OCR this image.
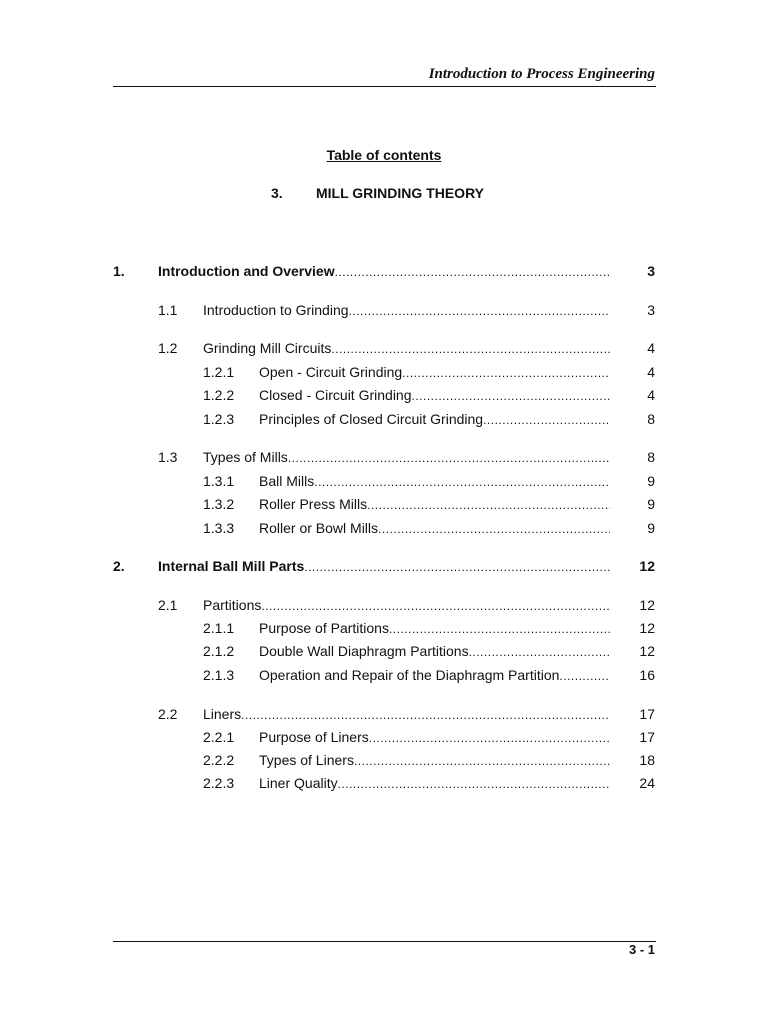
Introduction to Process Engineering
Table of contents
3. MILL GRINDING THEORY
1. Introduction and Overview .....	3
1.1 Introduction to Grinding .....	3
1.2 Grinding Mill Circuits .....	4
1.2.1 Open - Circuit Grinding .....	4
1.2.2 Closed - Circuit Grinding .....	4
1.2.3 Principles of Closed Circuit Grinding .....	8
1.3 Types of Mills .....	8
1.3.1 Ball Mills .....	9
1.3.2 Roller Press Mills .....	9
1.3.3 Roller or Bowl Mills .....	9
2. Internal Ball Mill Parts .....	12
2.1 Partitions .....	12
2.1.1 Purpose of Partitions .....	12
2.1.2 Double Wall Diaphragm Partitions .....	12
2.1.3 Operation and Repair of the Diaphragm Partition .....	16
2.2 Liners .....	17
2.2.1 Purpose of Liners .....	17
2.2.2 Types of Liners .....	18
2.2.3 Liner Quality .....	24
3 - 1
